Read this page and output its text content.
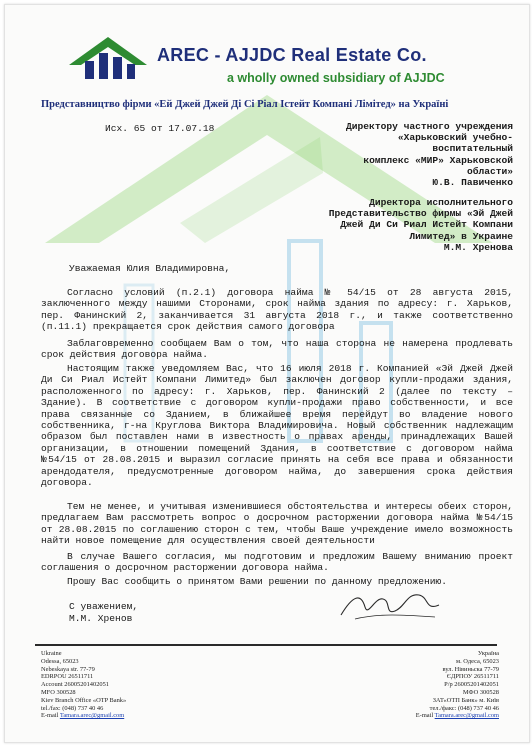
AREC - AJJDC Real Estate Co.
a wholly owned subsidiary of AJJDC
Представництво фірми «Ей Джей Джей Ді Сі Ріал Істейт Компані Лімітед» на Україні
Исх. 65 от 17.07.18	Директору частного учреждения
«Харьковский учебно-
воспитательный
комплекс «МИР» Харьковской
области»
Ю.В. Павиченко
Директора исполнительного
Представительство фирмы «Эй Джей
Джей Ди Си Риал Истейт Компани
Лимитед» в Украине
М.М. Хренова
Уважаемая Юлия Владимировна,

Согласно условий (п.2.1) договора найма № 54/15 от 28 августа 2015, заключенного между нашими Сторонами, срок найма здания по адресу: г. Харьков, пер. Фанинский 2, заканчивается 31 августа 2018 г., и также соответственно (п.11.1) прекращается срок действия самого договора

Заблаговременно сообщаем Вам о том, что наша сторона не намерена продлевать срок действия договора найма.

Настоящим также уведомляем Вас, что 16 июля 2018 г. Компанией «Эй Джей Джей Ди Си Риал Истейт Компани Лимитед» был заключен договор купли-продажи здания, расположенного по адресу: г. Харьков, пер. Фанинский 2 (далее по тексту – Здание). В соответствие с договором купли-продажи право собственности, и все права связанные со Зданием, в ближайшее время перейдут во владение нового собственника, г-на Круглова Виктора Владимировича. Новый собственник надлежащим образом был поставлен нами в известность о правах аренды, принадлежащих Вашей организации, в отношении помещений Здания, в соответствие с договором найма №54/15 от 28.08.2015 и выразил согласие принять на себя все права и обязанности арендодателя, предусмотренные договором найма, до завершения срока действия договора.

Тем не менее, и учитывая изменившиеся обстоятельства и интересы обеих сторон, предлагаем Вам рассмотреть вопрос о досрочном расторжении договора найма №54/15 от 28.08.2015 по соглашению сторон с тем, чтобы Ваше учреждение имело возможность найти новое помещение для осуществления своей деятельности

В случае Вашего согласия, мы подготовим и предложим Вашему вниманию проект соглашения о досрочном расторжении договора найма.

Прошу Вас сообщить о принятом Вами решении по данному предложению.

С уважением,
М.М. Хренов
Ukraine
Odessa, 65023
Nebeskaya str. 77-79
EDRPOU 26511711
Account 26005201402051
MFO 300528
Kiev Branch Office «OTP Bank»
tel./fax: (048) 737 40 46
E-mail Tamara.arec@gmail.com
Україна
м. Одеса, 65023
вул. Нiвиньска 77-79
ЄДРПОУ 26511711
Р/р 26005201402051
МФО 300528
ЗАТ«ОТП Банк» м. Київ
тел./факс: (048) 737 40 46
E-mail Tamara.arec@gmail.com
